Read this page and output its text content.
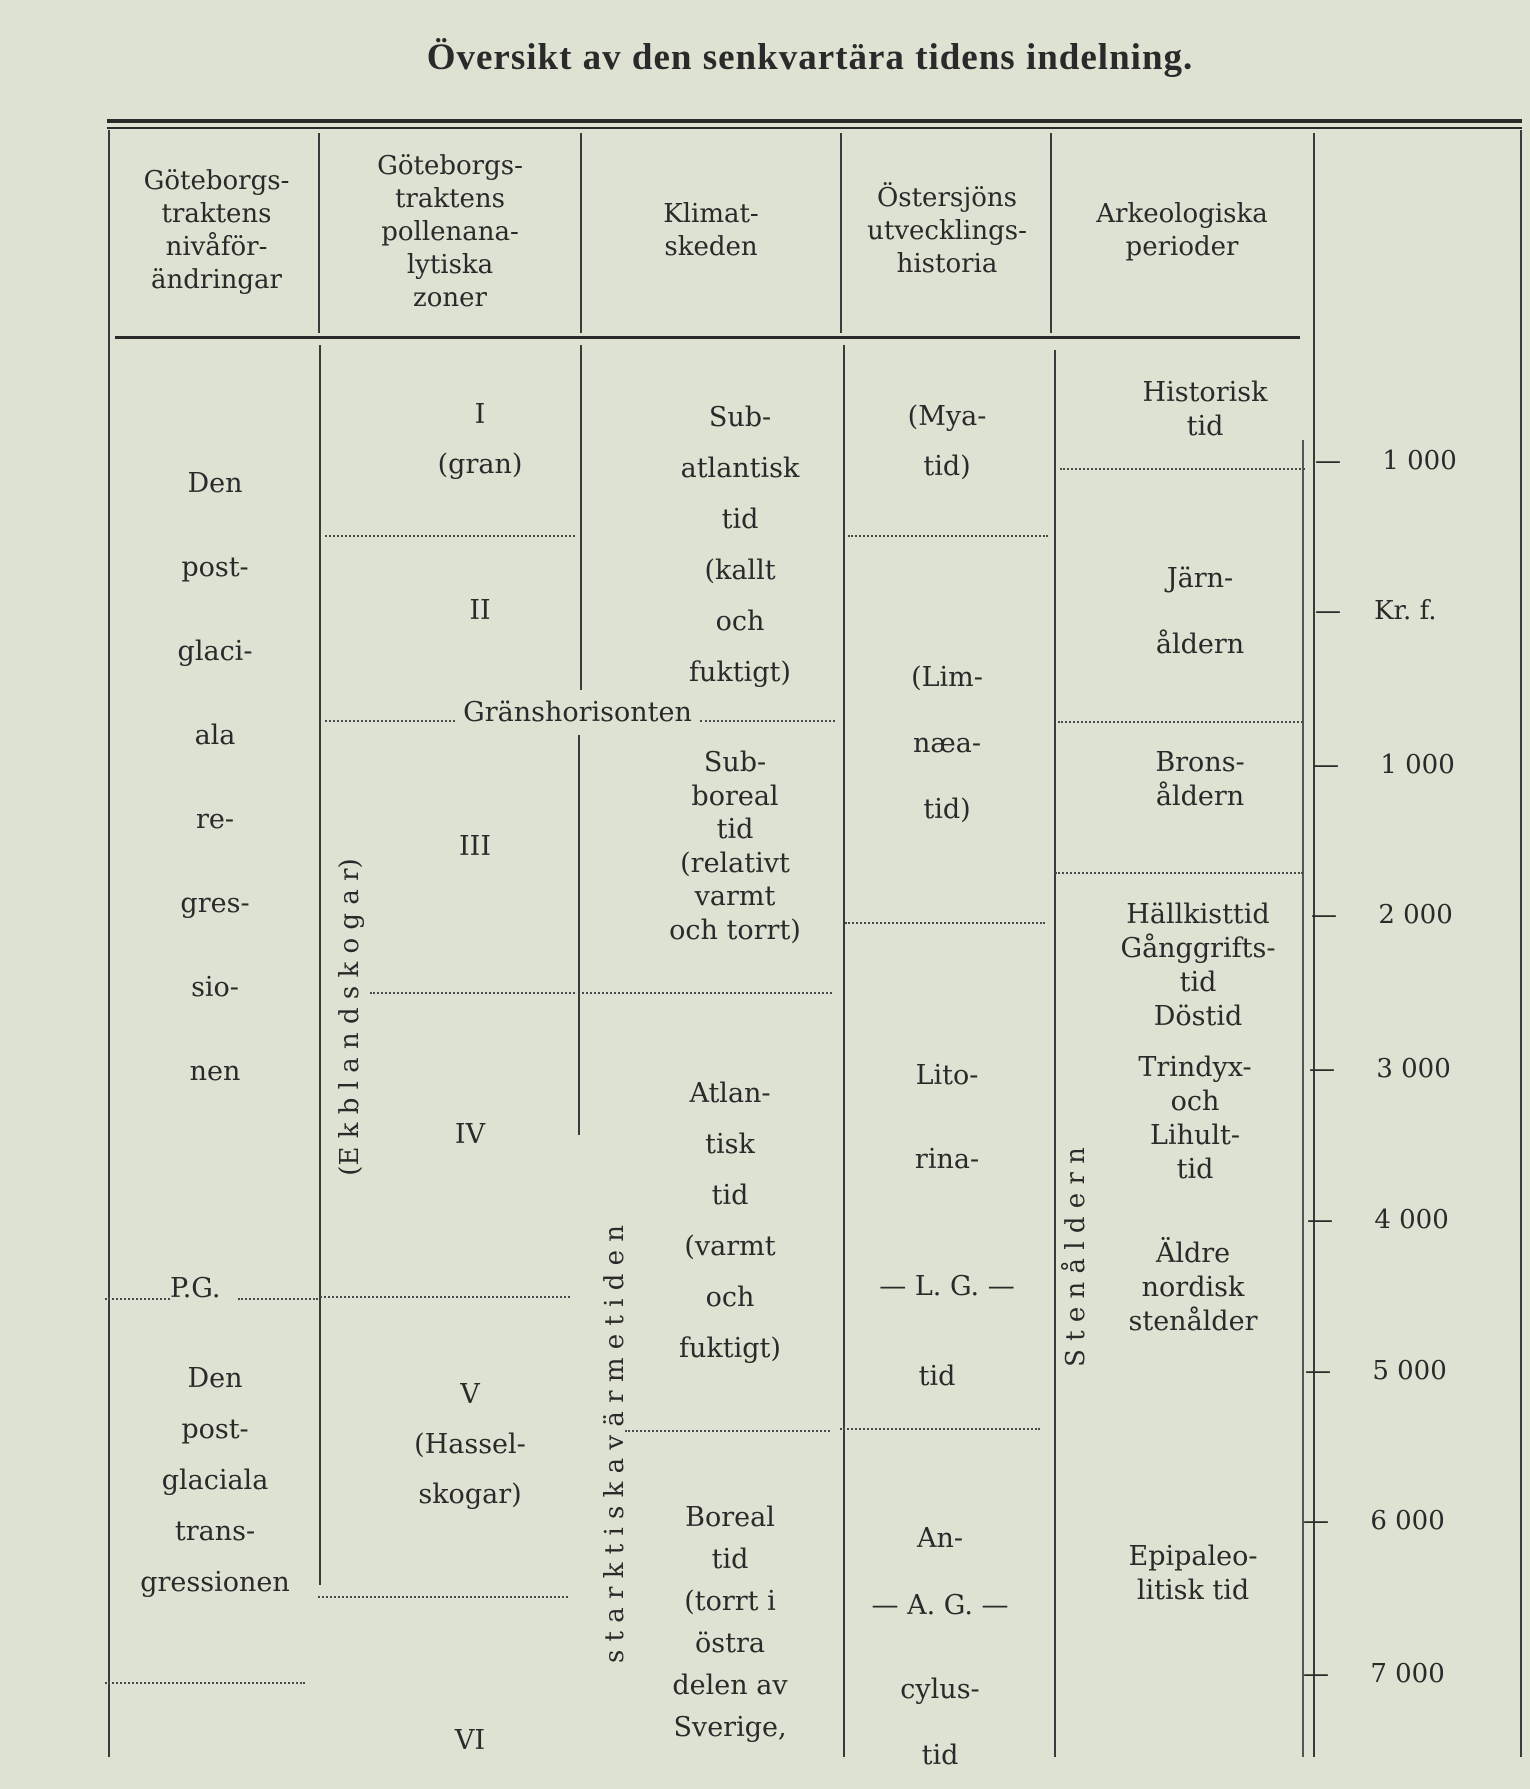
Översikt av den senkvartära tidens indelning.
Göteborgs-
traktens
nivåför-
ändringar
Göteborgs-
traktens
pollenana-
lytiska
zoner
Klimat-
skeden
Östersjöns
utvecklings-
historia
Arkeologiska
perioder
Den
post-
glaci-
ala
re-
gres-
sio-
nen
P.G.
Den
post-
glaciala
trans-
gressionen
I
(gran)
II
Gränshorisonten
III
IV
(E k b l a n d s k o g a r)
V
(Hassel-
skogar)
VI
Sub-
atlantisk
tid
(kallt
och
fuktigt)
Sub-
boreal
tid
(relativt
varmt
och torrt)
s t a r k t i s k a v ä r m e t i d e n
Atlan-
tisk
tid
(varmt
och
fuktigt)
Boreal
tid
(torrt i
östra
delen av
Sverige,
(Mya-
tid)
(Lim-
næa-
tid)
Lito-
rina-
— L. G. —
tid
An-
— A. G. —
cylus-
tid
Historisk
tid
Järn-
åldern
Brons-
åldern
Hällkisttid
Gånggrifts-
tid
Döstid
Trindyx-
och
Lihult-
tid
Äldre
nordisk
stenålder
Epipaleo-
litisk tid
S t e n å l d e r n
— 1 000
— Kr. f.
— 1 000
— 2 000
— 3 000
— 4 000
— 5 000
— 6 000
— 7 000
